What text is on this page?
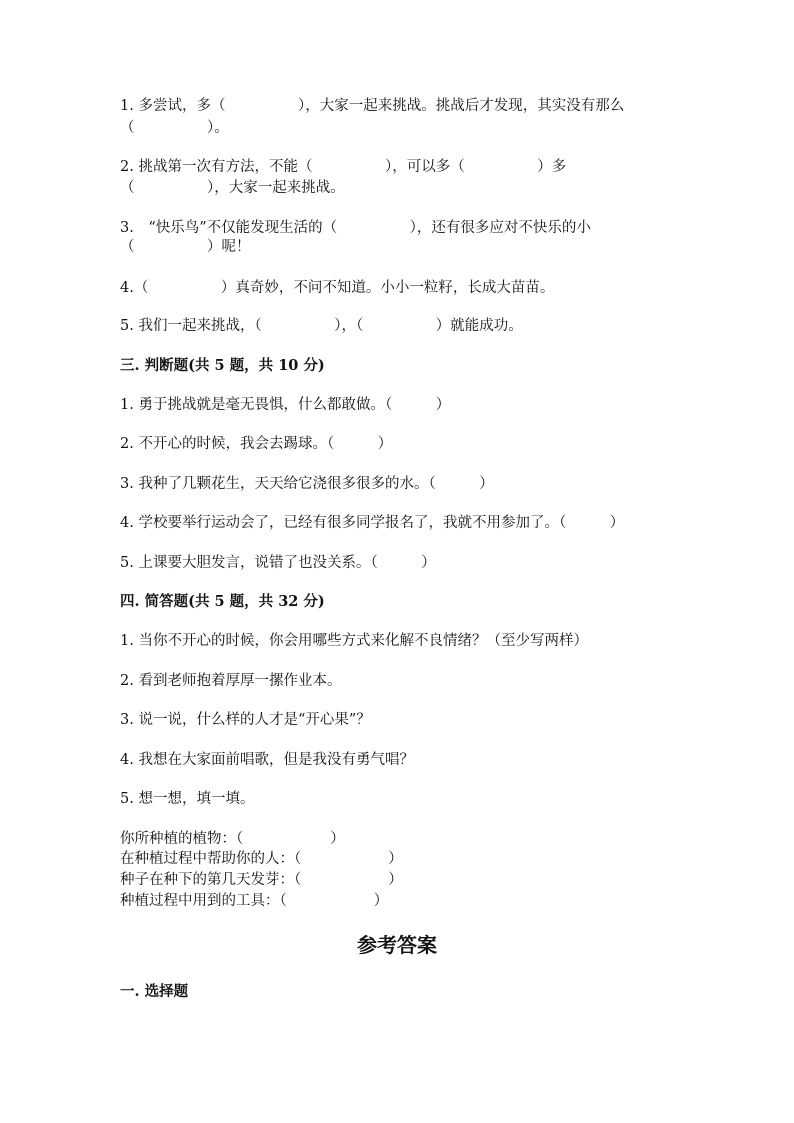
1. 多尝试，多（　　　　　），大家一起来挑战。挑战后才发现，其实没有那么
（　　　　　）。
2. 挑战第一次有方法，不能（　　　　　），可以多（　　　　　）多
（　　　　　），大家一起来挑战。
3.　“快乐鸟”不仅能发现生活的（　　　　　），还有很多应对不快乐的小
（　　　　　）呢！
4.（　　　　　）真奇妙，不问不知道。小小一粒籽，长成大苗苗。
5. 我们一起来挑战，（　　　　　），（　　　　　）就能成功。
三. 判断题(共 5 题，共 10 分)
1. 勇于挑战就是毫无畏惧，什么都敢做。（　　　）
2. 不开心的时候，我会去踢球。（　　　）
3. 我种了几颗花生，天天给它浇很多很多的水。（　　　）
4. 学校要举行运动会了，已经有很多同学报名了，我就不用参加了。（　　　）
5. 上课要大胆发言，说错了也没关系。（　　　）
四. 简答题(共 5 题，共 32 分)
1. 当你不开心的时候，你会用哪些方式来化解不良情绪？（至少写两样）
2. 看到老师抱着厚厚一摞作业本。
3. 说一说，什么样的人才是“开心果”？
4. 我想在大家面前唱歌，但是我没有勇气唱？
5. 想一想，填一填。
你所种植的植物：（　　　　　　）
在种植过程中帮助你的人：（　　　　　　）
种子在种下的第几天发芽：（　　　　　　）
种植过程中用到的工具：（　　　　　　）
参考答案
一. 选择题
